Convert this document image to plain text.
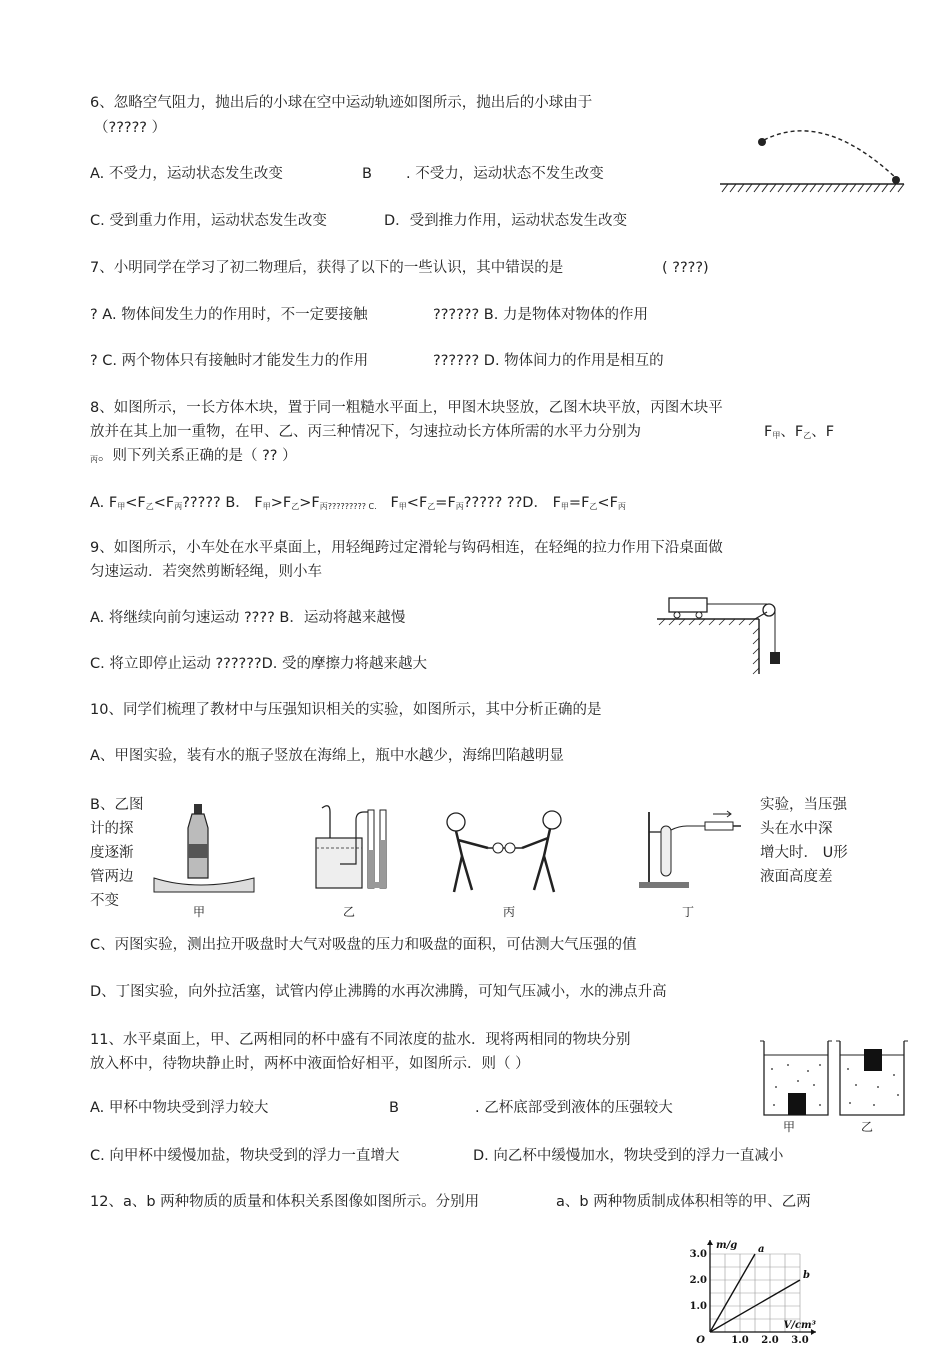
6、忽略空气阻力，抛出后的小球在空中运动轨迹如图所示，抛出后的小球由于
（????? ）
A. 不受力，运动状态发生改变	B . 不受力，运动状态不发生改变
C. 受到重力作用，运动状态发生改变	D．受到推力作用，运动状态发生改变
7、小明同学在学习了初二物理后，获得了以下的一些认识，其中错误的是	( ????)
? A. 物体间发生力的作用时，不一定要接触	?????? B. 力是物体对物体的作用
? C. 两个物体只有接触时才能发生力的作用	?????? D. 物体间力的作用是相互的
8、如图所示，一长方体木块，置于同一粗糙水平面上，甲图木块竖放，乙图木块平放，丙图木块平
放并在其上加一重物，在甲、乙、丙三种情况下，匀速拉动长方体所需的水平力分别为	$F_甲$、$F_乙$、F
$_丙$。则下列关系正确的是（ ?? ）
A. $F_甲<F_乙<F_丙$????? B． $F_甲>F_乙>F_{丙????????? C.}$ $F_甲<F_乙=F_丙$????? ??D． $F_甲=F_乙<F_丙$
9、如图所示，小车处在水平桌面上，用轻绳跨过定滑轮与钩码相连，在轻绳的拉力作用下沿桌面做
匀速运动．若突然剪断轻绳，则小车
A. 将继续向前匀速运动 ???? B．运动将越来越慢
C. 将立即停止运动 ??????D. 受的摩擦力将越来越大
10、同学们梳理了教材中与压强知识相关的实验，如图所示，其中分析正确的是
A、甲图实验，装有水的瓶子竖放在海绵上，瓶中水越少，海绵凹陷越明显
B、乙图
计的探
度逐渐
管两边
不变
实验，当压强
头在水中深
增大时． U形
液面高度差
甲	乙	丙	丁
C、丙图实验，测出拉开吸盘时大气对吸盘的压力和吸盘的面积，可估测大气压强的值
D、丁图实验，向外拉活塞，试管内停止沸腾的水再次沸腾，可知气压减小，水的沸点升高
11、水平桌面上，甲、乙两相同的杯中盛有不同浓度的盐水．现将两相同的物块分别
放入杯中，待物块静止时，两杯中液面恰好相平，如图所示．则（ ）
A. 甲杯中物块受到浮力较大	B	. 乙杯底部受到液体的压强较大
C. 向甲杯中缓慢加盐，物块受到的浮力一直增大	D. 向乙杯中缓慢加水，物块受到的浮力一直减小
甲	乙
12、a、b 两种物质的质量和体积关系图像如图所示。分别用	a、b 两种物质制成体积相等的甲、乙两
1.0 2.0 3.0
1.0
2.0
3.0
O
m/g
V/cm³
a
b
